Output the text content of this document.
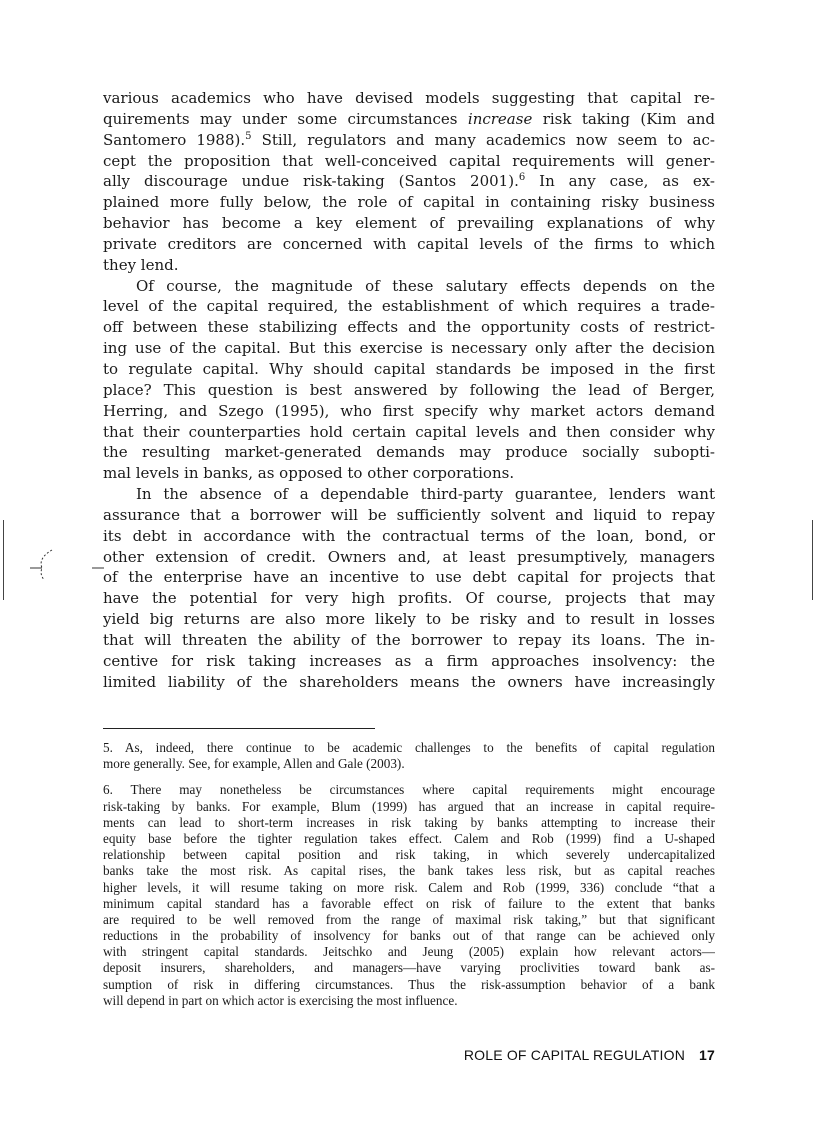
various academics who have devised models suggesting that capital re-
quirements may under some circumstances increase risk taking (Kim and
Santomero 1988).$^5$ Still, regulators and many academics now seem to ac-
cept the proposition that well-conceived capital requirements will gener-
ally discourage undue risk-taking (Santos 2001).$^6$ In any case, as ex-
plained more fully below, the role of capital in containing risky business
behavior has become a key element of prevailing explanations of why
private creditors are concerned with capital levels of the firms to which
they lend.
Of course, the magnitude of these salutary effects depends on the
level of the capital required, the establishment of which requires a trade-
off between these stabilizing effects and the opportunity costs of restrict-
ing use of the capital. But this exercise is necessary only after the decision
to regulate capital. Why should capital standards be imposed in the first
place? This question is best answered by following the lead of Berger,
Herring, and Szego (1995), who first specify why market actors demand
that their counterparties hold certain capital levels and then consider why
the resulting market-generated demands may produce socially subopti-
mal levels in banks, as opposed to other corporations.
In the absence of a dependable third-party guarantee, lenders want
assurance that a borrower will be sufficiently solvent and liquid to repay
its debt in accordance with the contractual terms of the loan, bond, or
other extension of credit. Owners and, at least presumptively, managers
of the enterprise have an incentive to use debt capital for projects that
have the potential for very high profits. Of course, projects that may
yield big returns are also more likely to be risky and to result in losses
that will threaten the ability of the borrower to repay its loans. The in-
centive for risk taking increases as a firm approaches insolvency: the
limited liability of the shareholders means the owners have increasingly
5. As, indeed, there continue to be academic challenges to the benefits of capital regulation
more generally. See, for example, Allen and Gale (2003).
6. There may nonetheless be circumstances where capital requirements might encourage
risk-taking by banks. For example, Blum (1999) has argued that an increase in capital require-
ments can lead to short-term increases in risk taking by banks attempting to increase their
equity base before the tighter regulation takes effect. Calem and Rob (1999) find a U-shaped
relationship between capital position and risk taking, in which severely undercapitalized
banks take the most risk. As capital rises, the bank takes less risk, but as capital reaches
higher levels, it will resume taking on more risk. Calem and Rob (1999, 336) conclude “that a
minimum capital standard has a favorable effect on risk of failure to the extent that banks
are required to be well removed from the range of maximal risk taking,” but that significant
reductions in the probability of insolvency for banks out of that range can be achieved only
with stringent capital standards. Jeitschko and Jeung (2005) explain how relevant actors—
deposit insurers, shareholders, and managers—have varying proclivities toward bank as-
sumption of risk in differing circumstances. Thus the risk-assumption behavior of a bank
will depend in part on which actor is exercising the most influence.
ROLE OF CAPITAL REGULATION 17
